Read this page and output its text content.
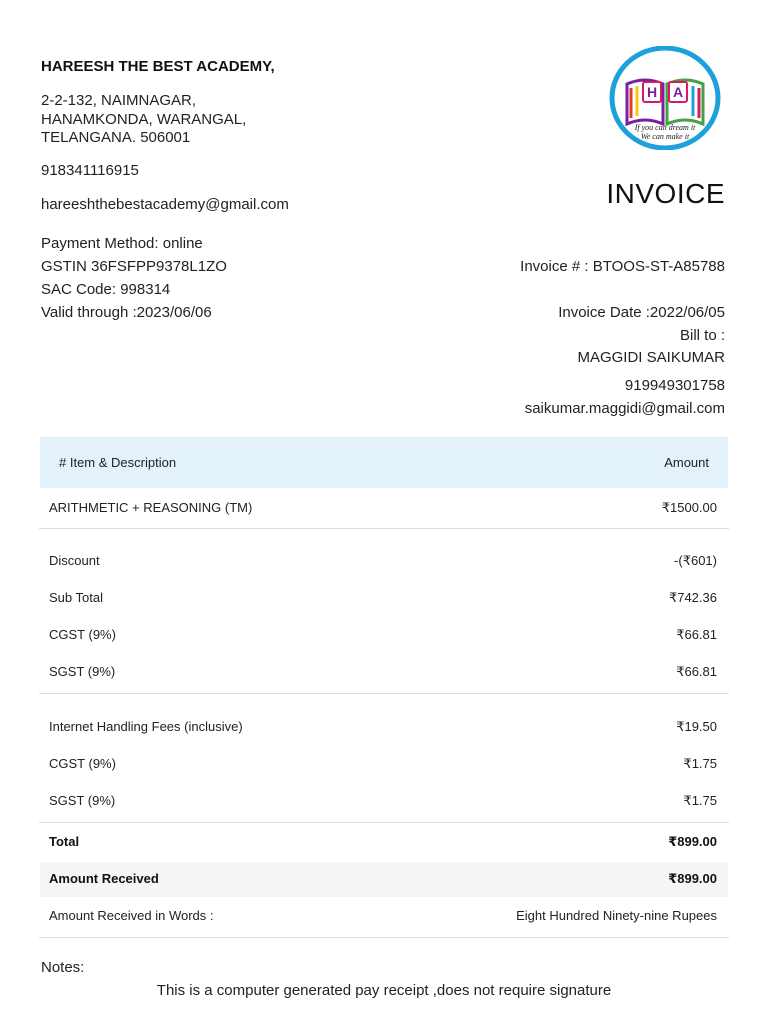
HAREESH THE BEST ACADEMY,
2-2-132, NAIMNAGAR,
HANAMKONDA, WARANGAL,
TELANGANA. 506001
918341116915
hareeshthebestacademy@gmail.com
Payment Method: online
GSTIN 36FSFPP9378L1ZO
SAC Code: 998314
Valid through :2023/06/06
H A
If you can dream it
We can make it
INVOICE
Invoice # : BTOOS-ST-A85788
Invoice Date :2022/06/05
Bill to :
MAGGIDI SAIKUMAR
919949301758
saikumar.maggidi@gmail.com
# Item & Description	Amount
ARITHMETIC + REASONING (TM)	₹1500.00
Discount	-(₹601)
Sub Total	₹742.36
CGST (9%)	₹66.81
SGST (9%)	₹66.81
Internet Handling Fees (inclusive)	₹19.50
CGST (9%)	₹1.75
SGST (9%)	₹1.75
Total	₹899.00
Amount Received	₹899.00
Amount Received in Words :	Eight Hundred Ninety-nine Rupees
Notes:
This is a computer generated pay receipt ,does not require signature
